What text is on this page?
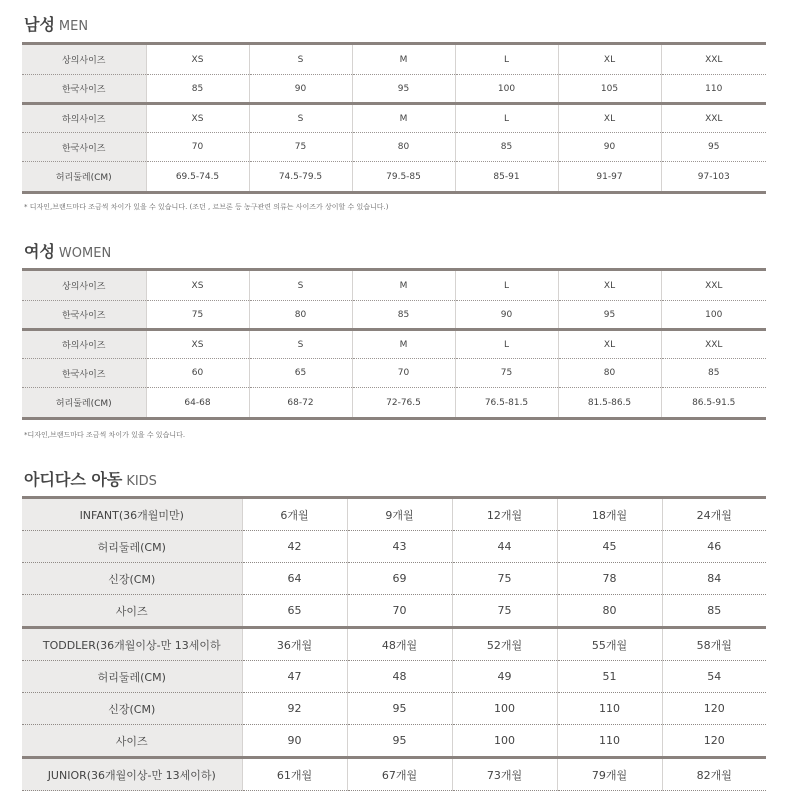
남성 MEN
상의사이즈	XS	S	M	L	XL	XXL
한국사이즈	85	90	95	100	105	110
하의사이즈	XS	S	M	L	XL	XXL
한국사이즈	70	75	80	85	90	95
허리둘레(CM)	69.5-74.5	74.5-79.5	79.5-85	85-91	91-97	97-103
* 디자인,브랜드마다 조금씩 차이가 있을 수 있습니다. (조던 , 르브론 등 농구관련 의류는 사이즈가 상이할 수 있습니다.)
여성 WOMEN
상의사이즈	XS	S	M	L	XL	XXL
한국사이즈	75	80	85	90	95	100
하의사이즈	XS	S	M	L	XL	XXL
한국사이즈	60	65	70	75	80	85
허리둘레(CM)	64-68	68-72	72-76.5	76.5-81.5	81.5-86.5	86.5-91.5
*디자인,브랜드마다 조금씩 차이가 있을 수 있습니다.
아디다스 아동 KIDS
INFANT(36개월미만)	6개월	9개월	12개월	18개월	24개월
허리둘레(CM)	42	43	44	45	46
신장(CM)	64	69	75	78	84
사이즈	65	70	75	80	85
TODDLER(36개월이상-만 13세이하	36개월	48개월	52개월	55개월	58개월
허리둘레(CM)	47	48	49	51	54
신장(CM)	92	95	100	110	120
사이즈	90	95	100	110	120
JUNIOR(36개월이상-만 13세이하)	61개월	67개월	73개월	79개월	82개월
